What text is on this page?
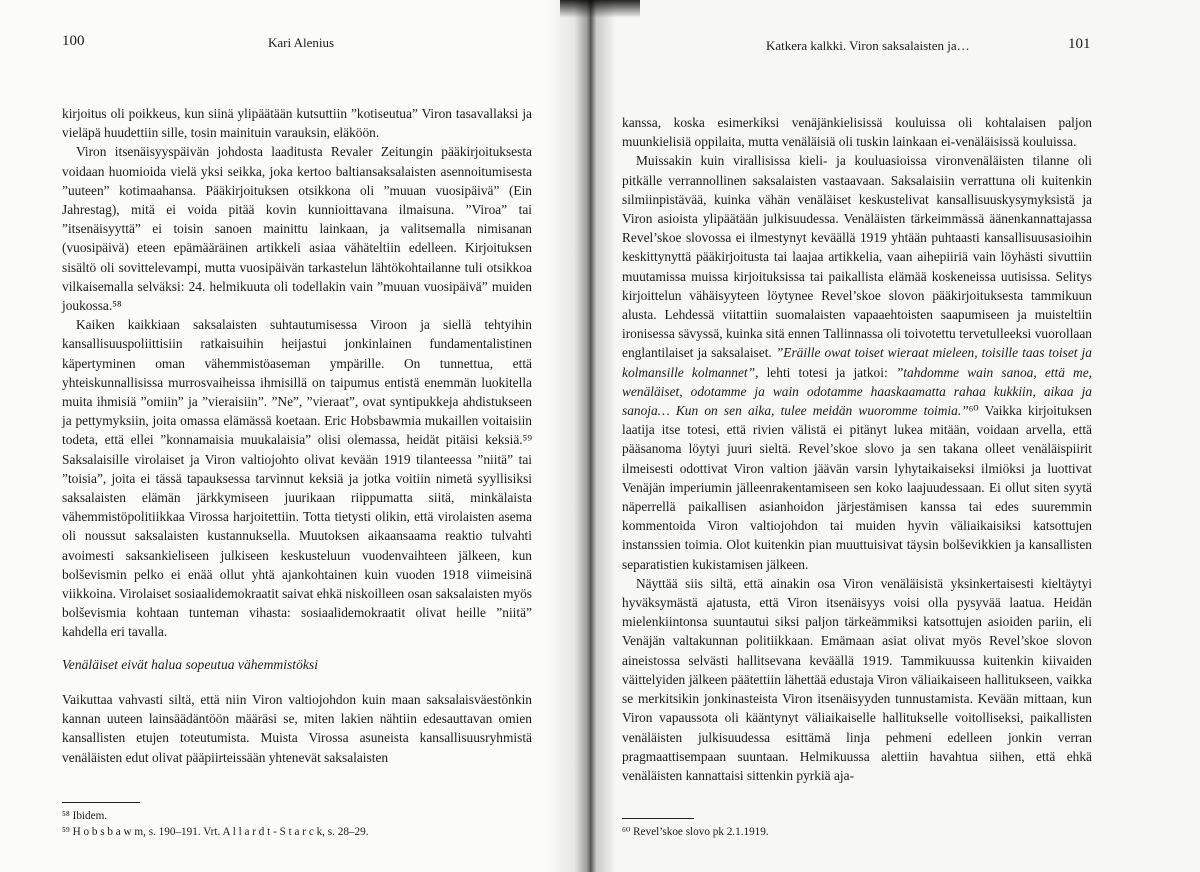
100	Kari Alenius

kirjoitus oli poikkeus, kun siinä ylipäätään kutsuttiin ”kotiseutua” Viron tasavallaksi ja vieläpä huudettiin sille, tosin mainituin varauksin, eläköön.

Viron itsenäisyyspäivän johdosta laaditusta Revaler Zeitungin pääkirjoituksesta voidaan huomioida vielä yksi seikka, joka kertoo baltiansaksalaisten asennoitumisesta ”uuteen” kotimaahansa. Pääkirjoituksen otsikkona oli ”muuan vuosipäivä” (Ein Jahrestag), mitä ei voida pitää kovin kunnioittavana ilmaisuna. ”Viroa” tai ”itsenäisyyttä” ei toisin sanoen mainittu lainkaan, ja valitsemalla nimisanan (vuosipäivä) eteen epämääräinen artikkeli asiaa vähäteltiin edelleen. Kirjoituksen sisältö oli sovittelevampi, mutta vuosipäivän tarkastelun lähtökohtailanne tuli otsikkoa vilkaisemalla selväksi: 24. helmikuuta oli todellakin vain ”muuan vuosipäivä” muiden joukossa.⁵⁸

Kaiken kaikkiaan saksalaisten suhtautumisessa Viroon ja siellä tehtyihin kansallisuuspoliittisiin ratkaisuihin heijastui jonkinlainen fundamentalistinen käpertyminen oman vähemmistöaseman ympärille. On tunnettua, että yhteiskunnallisissa murrosvaiheissa ihmisillä on taipumus entistä enemmän luokitella muita ihmisiä ”omiin” ja ”vieraisiin”. ”Ne”, ”vieraat”, ovat syntipukkeja ahdistukseen ja pettymyksiin, joita omassa elämässä koetaan. Eric Hobsbawmia mukaillen voitaisiin todeta, että ellei ”konnamaisia muukalaisia” olisi olemassa, heidät pitäisi keksiä.⁵⁹ Saksalaisille virolaiset ja Viron valtiojohto olivat kevään 1919 tilanteessa ”niitä” tai ”toisia”, joita ei tässä tapauksessa tarvinnut keksiä ja jotka voitiin nimetä syyllisiksi saksalaisten elämän järkkymiseen juurikaan riippumatta siitä, minkälaista vähemmistöpolitiikkaa Virossa harjoitettiin. Totta tietysti olikin, että virolaisten asema oli noussut saksalaisten kustannuksella. Muutoksen aikaansaama reaktio tulvahti avoimesti saksankieliseen julkiseen keskusteluun vuodenvaihteen jälkeen, kun bolševismin pelko ei enää ollut yhtä ajankohtainen kuin vuoden 1918 viimeisinä viikkoina. Virolaiset sosiaalidemokraatit saivat ehkä niskoilleen osan saksalaisten myös bolševismia kohtaan tunteman vihasta: sosiaalidemokraatit olivat heille ”niitä” kahdella eri tavalla.

Venäläiset eivät halua sopeutua vähemmistöksi

Vaikuttaa vahvasti siltä, että niin Viron valtiojohdon kuin maan saksalaisväestönkin kannan uuteen lainsäädäntöön määräsi se, miten lakien nähtiin edesauttavan omien kansallisten etujen toteutumista. Muista Virossa asuneista kansallisuusryhmistä venäläisten edut olivat pääpiirteissään yhtenevät saksalaisten

⁵⁸ Ibidem.
⁵⁹ H o b s b a w m, s. 190–191. Vrt. A l l a r d t - S t a r c k, s. 28–29.
Katkera kalkki. Viron saksalaisten ja…	101

kanssa, koska esimerkiksi venäjänkielisissä kouluissa oli kohtalaisen paljon muunkielisiä oppilaita, mutta venäläisiä oli tuskin lainkaan ei-venäläisissä kouluissa.

Muissakin kuin virallisissa kieli- ja kouluasioissa vironvenäläisten tilanne oli pitkälle verrannollinen saksalaisten vastaavaan. Saksalaisiin verrattuna oli kuitenkin silmiinpistävää, kuinka vähän venäläiset keskustelivat kansallisuuskysymyksistä ja Viron asioista ylipäätään julkisuudessa. Venäläisten tärkeimmässä äänenkannattajassa Revel’skoe slovossa ei ilmestynyt keväällä 1919 yhtään puhtaasti kansallisuusasioihin keskittynyttä pääkirjoitusta tai laajaa artikkelia, vaan aihepiiriä vain löyhästi sivuttiin muutamissa muissa kirjoituksissa tai paikallista elämää koskeneissa uutisissa. Selitys kirjoittelun vähäisyyteen löytynee Revel’skoe slovon pääkirjoituksesta tammikuun alusta. Lehdessä viitattiin suomalaisten vapaaehtoisten saapumiseen ja muisteltiin ironisessa sävyssä, kuinka sitä ennen Tallinnassa oli toivotettu tervetulleeksi vuorollaan englantilaiset ja saksalaiset. ”Eräille owat toiset wieraat mieleen, toisille taas toiset ja kolmansille kolmannet”, lehti totesi ja jatkoi: ”tahdomme wain sanoa, että me, wenäläiset, odotamme ja wain odotamme haaskaamatta rahaa kukkiin, aikaa ja sanoja… Kun on sen aika, tulee meidän wuoromme toimia.”⁶⁰ Vaikka kirjoituksen laatija itse totesi, että rivien välistä ei pitänyt lukea mitään, voidaan arvella, että pääsanoma löytyi juuri sieltä. Revel’skoe slovo ja sen takana olleet venäläispiirit ilmeisesti odottivat Viron valtion jäävän varsin lyhytaikaiseksi ilmiöksi ja luottivat Venäjän imperiumin jälleenrakentamiseen sen koko laajuudessaan. Ei ollut siten syytä näperrellä paikallisen asianhoidon järjestämisen kanssa tai edes suuremmin kommentoida Viron valtiojohdon tai muiden hyvin väliaikaisiksi katsottujen instanssien toimia. Olot kuitenkin pian muuttuisivat täysin bolševikkien ja kansallisten separatistien kukistamisen jälkeen.

Näyttää siis siltä, että ainakin osa Viron venäläisistä yksinkertaisesti kieltäytyi hyväksymästä ajatusta, että Viron itsenäisyys voisi olla pysyvää laatua. Heidän mielenkiintonsa suuntautui siksi paljon tärkeämmiksi katsottujen asioiden pariin, eli Venäjän valtakunnan politiikkaan. Emämaan asiat olivat myös Revel’skoe slovon aineistossa selvästi hallitsevana keväällä 1919. Tammikuussa kuitenkin kiivaiden väittelyiden jälkeen päätettiin lähettää edustaja Viron väliaikaiseen hallitukseen, vaikka se merkitsikin jonkinasteista Viron itsenäisyyden tunnustamista. Kevään mittaan, kun Viron vapaussota oli kääntynyt väliaikaiselle hallitukselle voitolliseksi, paikallisten venäläisten julkisuudessa esittämä linja pehmeni edelleen jonkin verran pragmaattisempaan suuntaan. Helmikuussa alettiin havahtua siihen, että ehkä venäläisten kannattaisi sittenkin pyrkiä aja-

⁶⁰ Revel’skoe slovo pk 2.1.1919.
